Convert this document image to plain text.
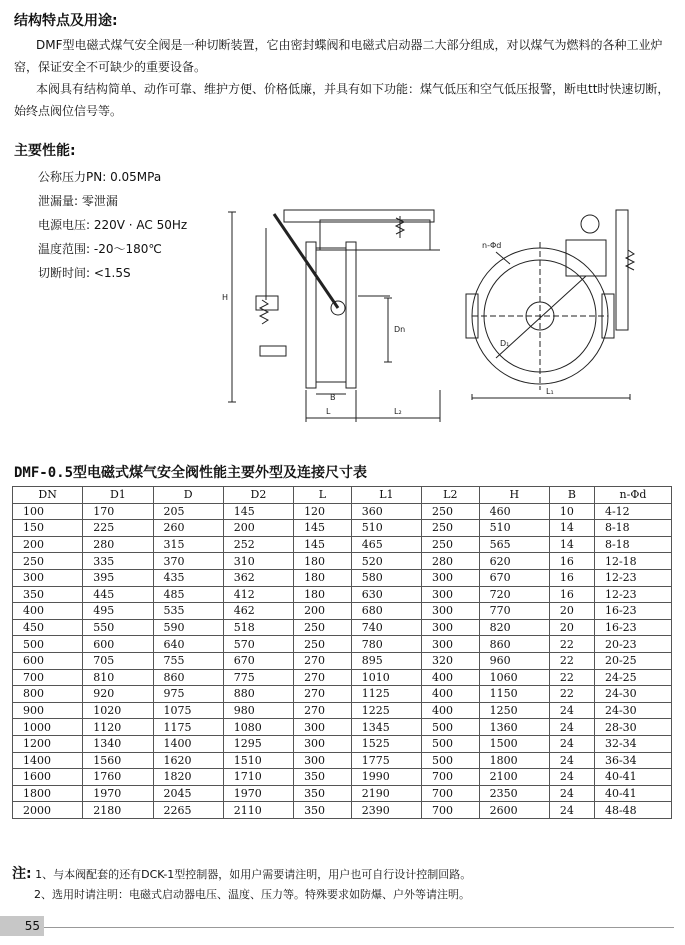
结构特点及用途:
DMF型电磁式煤气安全阀是一种切断装置，它由密封蝶阀和电磁式启动器二大部分组成，对以煤气为燃料的各种工业炉窑，保证安全不可缺少的重要设备。
本阀具有结构简单、动作可靠、维护方便、价格低廉，并具有如下功能：煤气低压和空气低压报警，断电tt时快速切断，始终点阀位信号等。
主要性能:
公称压力PN: 0.05MPa
泄漏量: 零泄漏
电源电压: 220V · AC 50Hz
温度范围: -20～180℃
切断时间: <1.5S
H
Dn
B
L	L₂
L₁
D₁
n-Φd
DMF-0.5型电磁式煤气安全阀性能主要外型及连接尺寸表
DN	D1	D	D2	L	L1	L2	H	B	n-Φd
100	170	205	145	120	360	250	460	10	4-12
150	225	260	200	145	510	250	510	14	8-18
200	280	315	252	145	465	250	565	14	8-18
250	335	370	310	180	520	280	620	16	12-18
300	395	435	362	180	580	300	670	16	12-23
350	445	485	412	180	630	300	720	16	12-23
400	495	535	462	200	680	300	770	20	16-23
450	550	590	518	250	740	300	820	20	16-23
500	600	640	570	250	780	300	860	22	20-23
600	705	755	670	270	895	320	960	22	20-25
700	810	860	775	270	1010	400	1060	22	24-25
800	920	975	880	270	1125	400	1150	22	24-30
900	1020	1075	980	270	1225	400	1250	24	24-30
1000	1120	1175	1080	300	1345	500	1360	24	28-30
1200	1340	1400	1295	300	1525	500	1500	24	32-34
1400	1560	1620	1510	300	1775	500	1800	24	36-34
1600	1760	1820	1710	350	1990	700	2100	24	40-41
1800	1970	2045	1970	350	2190	700	2350	24	40-41
2000	2180	2265	2110	350	2390	700	2600	24	48-48
注: 1、与本阀配套的还有DCK-1型控制器，如用户需要请注明，用户也可自行设计控制回路。
2、选用时请注明：电磁式启动器电压、温度、压力等。特殊要求如防爆、户外等请注明。
55
